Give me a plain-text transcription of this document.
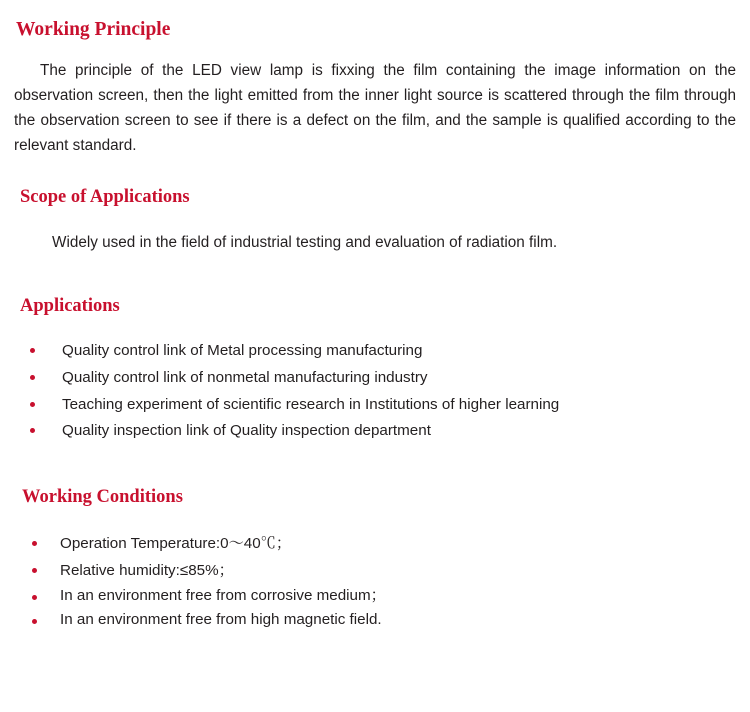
Working Principle

The principle of the LED view lamp is fixxing the film containing the image information on the observation screen, then the light emitted from the inner light source is scattered through the film through the observation screen to see if there is a defect on the film, and the sample is qualified according to the relevant standard.

Scope of Applications
Widely used in the field of industrial testing and evaluation of radiation film.
Applications
Quality control link of Metal processing manufacturing
Quality control link of nonmetal manufacturing industry
Teaching experiment of scientific research in Institutions of higher learning
Quality inspection link of Quality inspection department
Working Conditions
Operation Temperature:0～40℃；
Relative humidity:≤85%；
In an environment free from corrosive medium；
In an environment free from high magnetic field.
